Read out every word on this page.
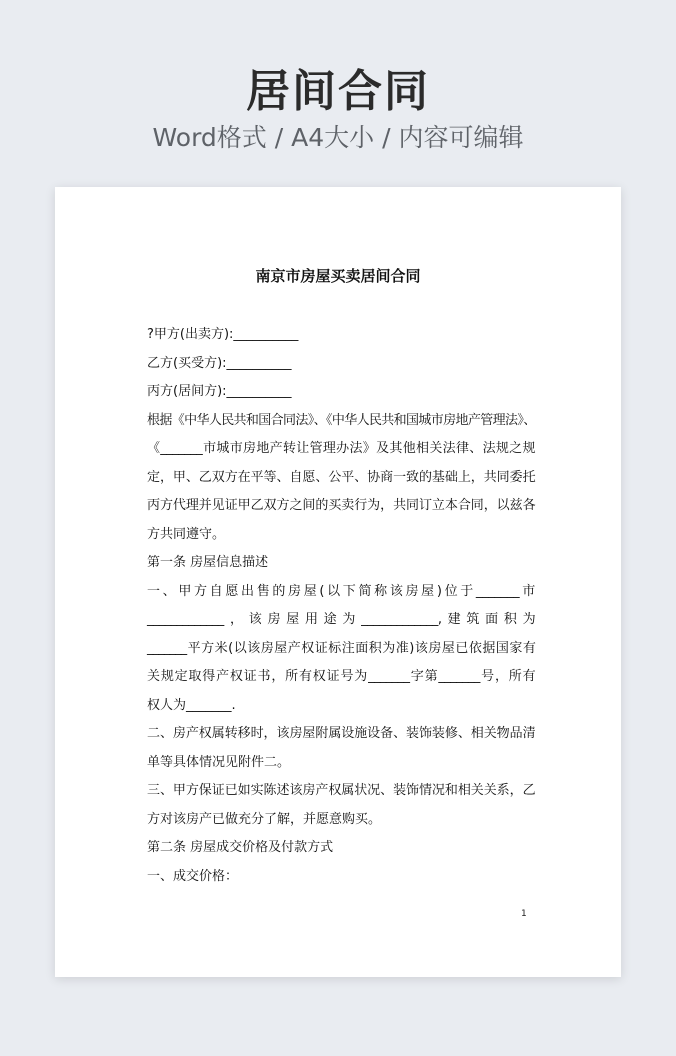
居间合同
Word格式 / A4大小 / 内容可编辑
南京市房屋买卖居间合同
?甲方(出卖方):__________
乙方(买受方):__________
丙方(居间方):__________
根据《中华人民共和国合同法》、《中华人民共和国城市房地产管理法》、
《_______市城市房地产转让管理办法》及其他相关法律、法规之规
定，甲、乙双方在平等、自愿、公平、协商一致的基础上，共同委托
丙方代理并见证甲乙双方之间的买卖行为，共同订立本合同，以兹各
方共同遵守。
第一条 房屋信息描述
一、甲方自愿出售的房屋(以下简称该房屋)位于_______市
_____________，该房屋用途为_____________,建筑面积为
_______平方米(以该房屋产权证标注面积为准)该房屋已依据国家有
关规定取得产权证书，所有权证号为_______字第_______号，所有
权人为_______.
二、房产权属转移时，该房屋附属设施设备、装饰装修、相关物品清
单等具体情况见附件二。
三、甲方保证已如实陈述该房产权属状况、装饰情况和相关关系，乙
方对该房产已做充分了解，并愿意购买。
第二条 房屋成交价格及付款方式
一、成交价格：
1
